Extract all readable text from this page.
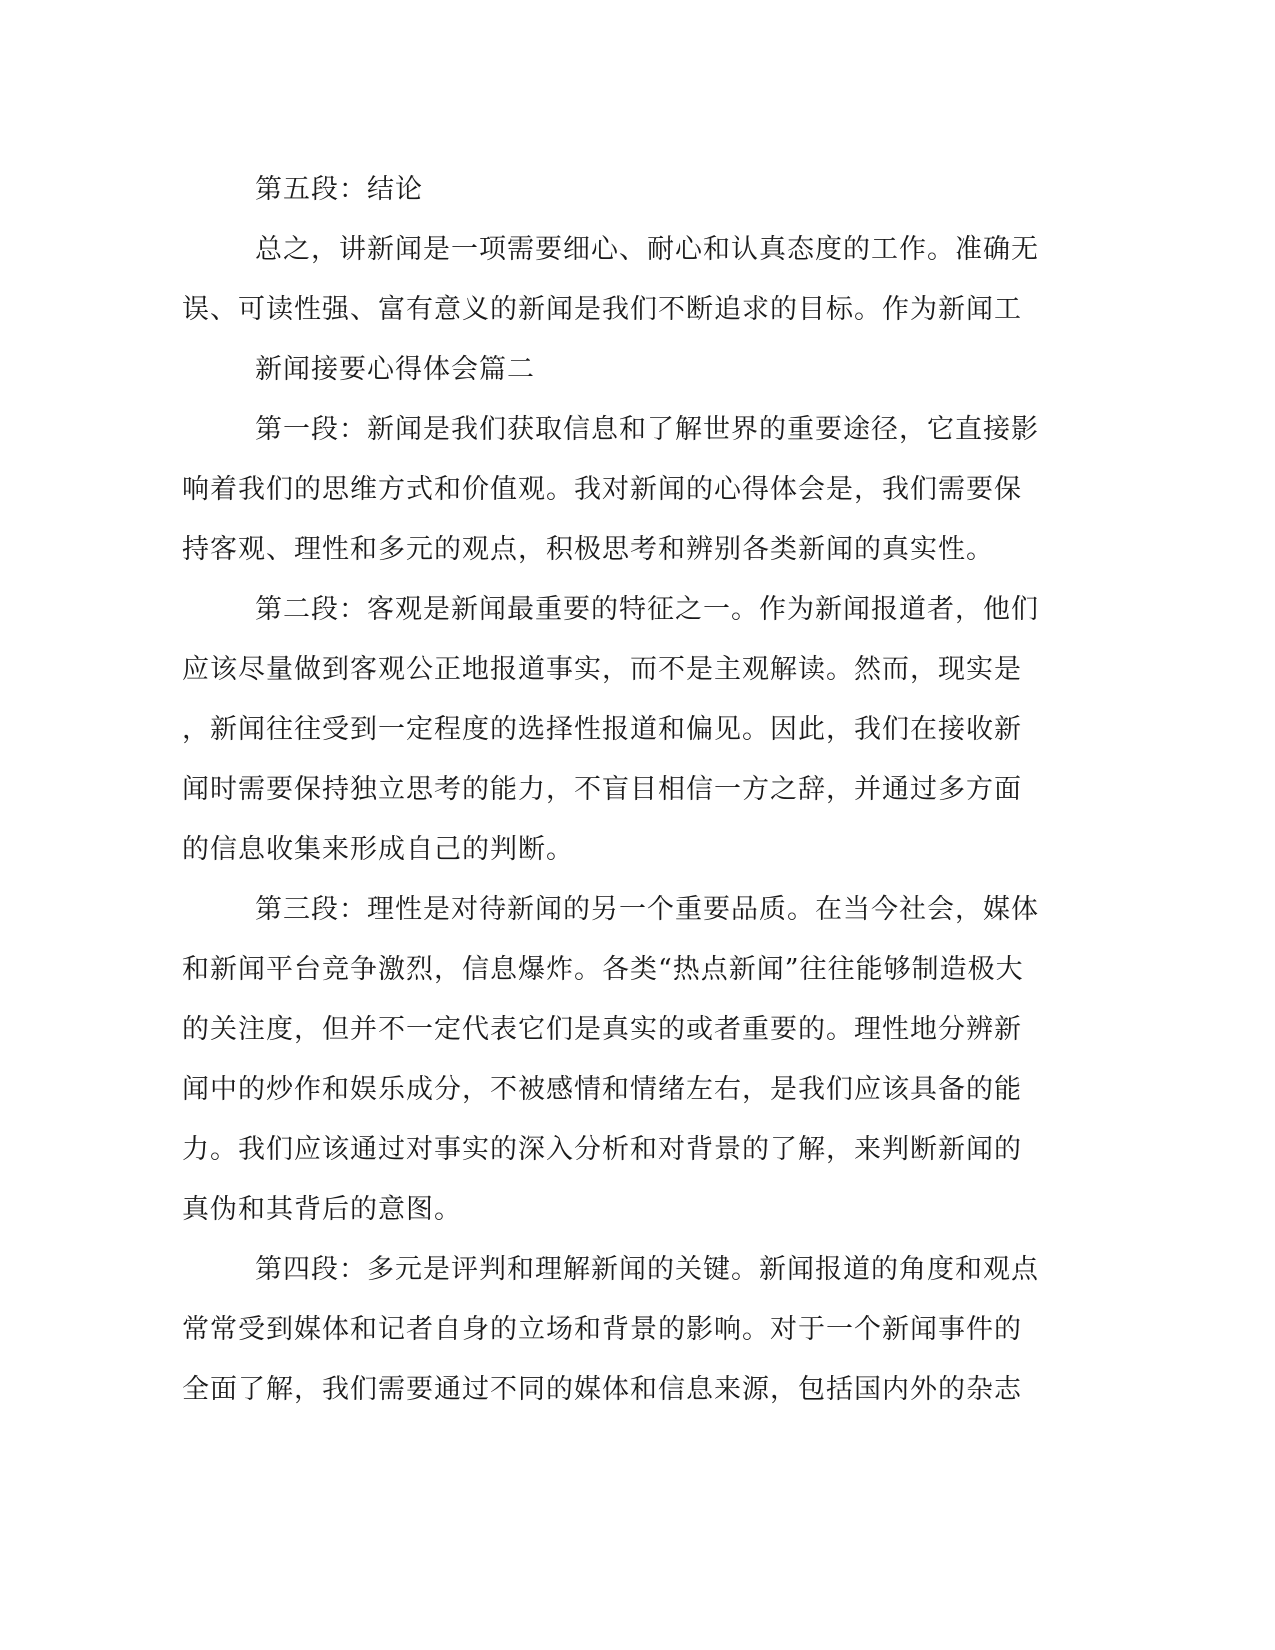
第五段：结论
总之，讲新闻是一项需要细心、耐心和认真态度的工作。准确无
误、可读性强、富有意义的新闻是我们不断追求的目标。作为新闻工
新闻接要心得体会篇二
第一段：新闻是我们获取信息和了解世界的重要途径，它直接影
响着我们的思维方式和价值观。我对新闻的心得体会是，我们需要保
持客观、理性和多元的观点，积极思考和辨别各类新闻的真实性。
第二段：客观是新闻最重要的特征之一。作为新闻报道者，他们
应该尽量做到客观公正地报道事实，而不是主观解读。然而，现实是
，新闻往往受到一定程度的选择性报道和偏见。因此，我们在接收新
闻时需要保持独立思考的能力，不盲目相信一方之辞，并通过多方面
的信息收集来形成自己的判断。
第三段：理性是对待新闻的另一个重要品质。在当今社会，媒体
和新闻平台竞争激烈，信息爆炸。各类“热点新闻”往往能够制造极大
的关注度，但并不一定代表它们是真实的或者重要的。理性地分辨新
闻中的炒作和娱乐成分，不被感情和情绪左右，是我们应该具备的能
力。我们应该通过对事实的深入分析和对背景的了解，来判断新闻的
真伪和其背后的意图。
第四段：多元是评判和理解新闻的关键。新闻报道的角度和观点
常常受到媒体和记者自身的立场和背景的影响。对于一个新闻事件的
全面了解，我们需要通过不同的媒体和信息来源，包括国内外的杂志
